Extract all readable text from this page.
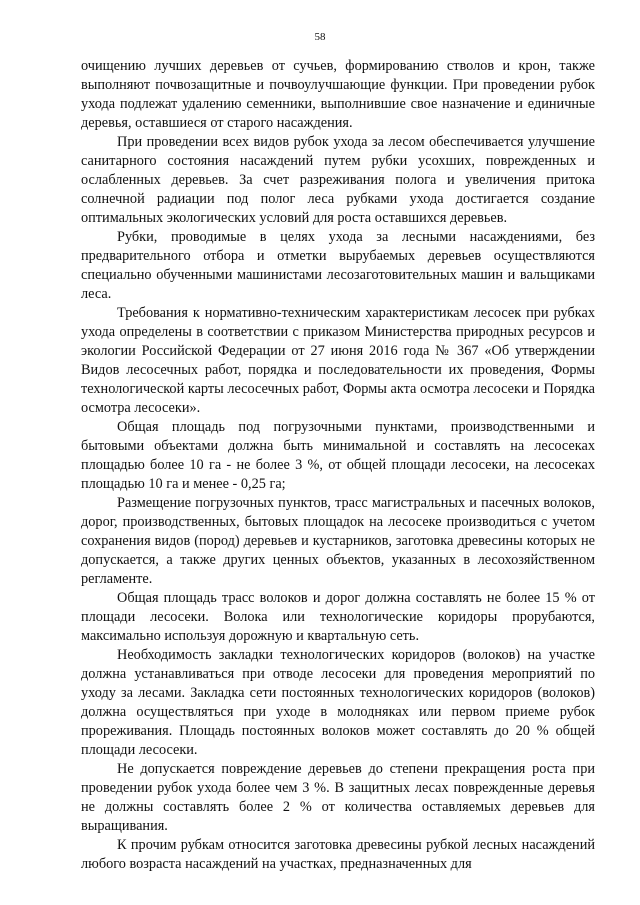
58

очищению лучших деревьев от сучьев, формированию стволов и крон, также выполняют почвозащитные и почвоулучшающие функции. При проведении рубок ухода подлежат удалению семенники, выполнившие свое назначение и единичные деревья, оставшиеся от старого насаждения.

При проведении всех видов рубок ухода за лесом обеспечивается улучшение санитарного состояния насаждений путем рубки усохших, поврежденных и ослабленных деревьев. За счет разреживания полога и увеличения притока солнечной радиации под полог леса рубками ухода достигается создание оптимальных экологических условий для роста оставшихся деревьев.

Рубки, проводимые в целях ухода за лесными насаждениями, без предварительного отбора и отметки вырубаемых деревьев осуществляются специально обученными машинистами лесозаготовительных машин и вальщиками леса.

Требования к нормативно-техническим характеристикам лесосек при рубках ухода определены в соответствии с приказом Министерства природных ресурсов и экологии Российской Федерации от 27 июня 2016 года № 367 «Об утверждении Видов лесосечных работ, порядка и последовательности их проведения, Формы технологической карты лесосечных работ, Формы акта осмотра лесосеки и Порядка осмотра лесосеки».

Общая площадь под погрузочными пунктами, производственными и бытовыми объектами должна быть минимальной и составлять на лесосеках площадью более 10 га - не более 3 %, от общей площади лесосеки, на лесосеках площадью 10 га и менее - 0,25 га;

Размещение погрузочных пунктов, трасс магистральных и пасечных волоков, дорог, производственных, бытовых площадок на лесосеке производиться с учетом сохранения видов (пород) деревьев и кустарников, заготовка древесины которых не допускается, а также других ценных объектов, указанных в лесохозяйственном регламенте.

Общая площадь трасс волоков и дорог должна составлять не более 15 % от площади лесосеки. Волока или технологические коридоры прорубаются, максимально используя дорожную и квартальную сеть.

Необходимость закладки технологических коридоров (волоков) на участке должна устанавливаться при отводе лесосеки для проведения мероприятий по уходу за лесами. Закладка сети постоянных технологических коридоров (волоков) должна осуществляться при уходе в молодняках или первом приеме рубок прореживания. Площадь постоянных волоков может составлять до 20 % общей площади лесосеки.

Не допускается повреждение деревьев до степени прекращения роста при проведении рубок ухода более чем 3 %. В защитных лесах поврежденные деревья не должны составлять более 2 % от количества оставляемых деревьев для выращивания.

К прочим рубкам относится заготовка древесины рубкой лесных насаждений любого возраста насаждений на участках, предназначенных для
